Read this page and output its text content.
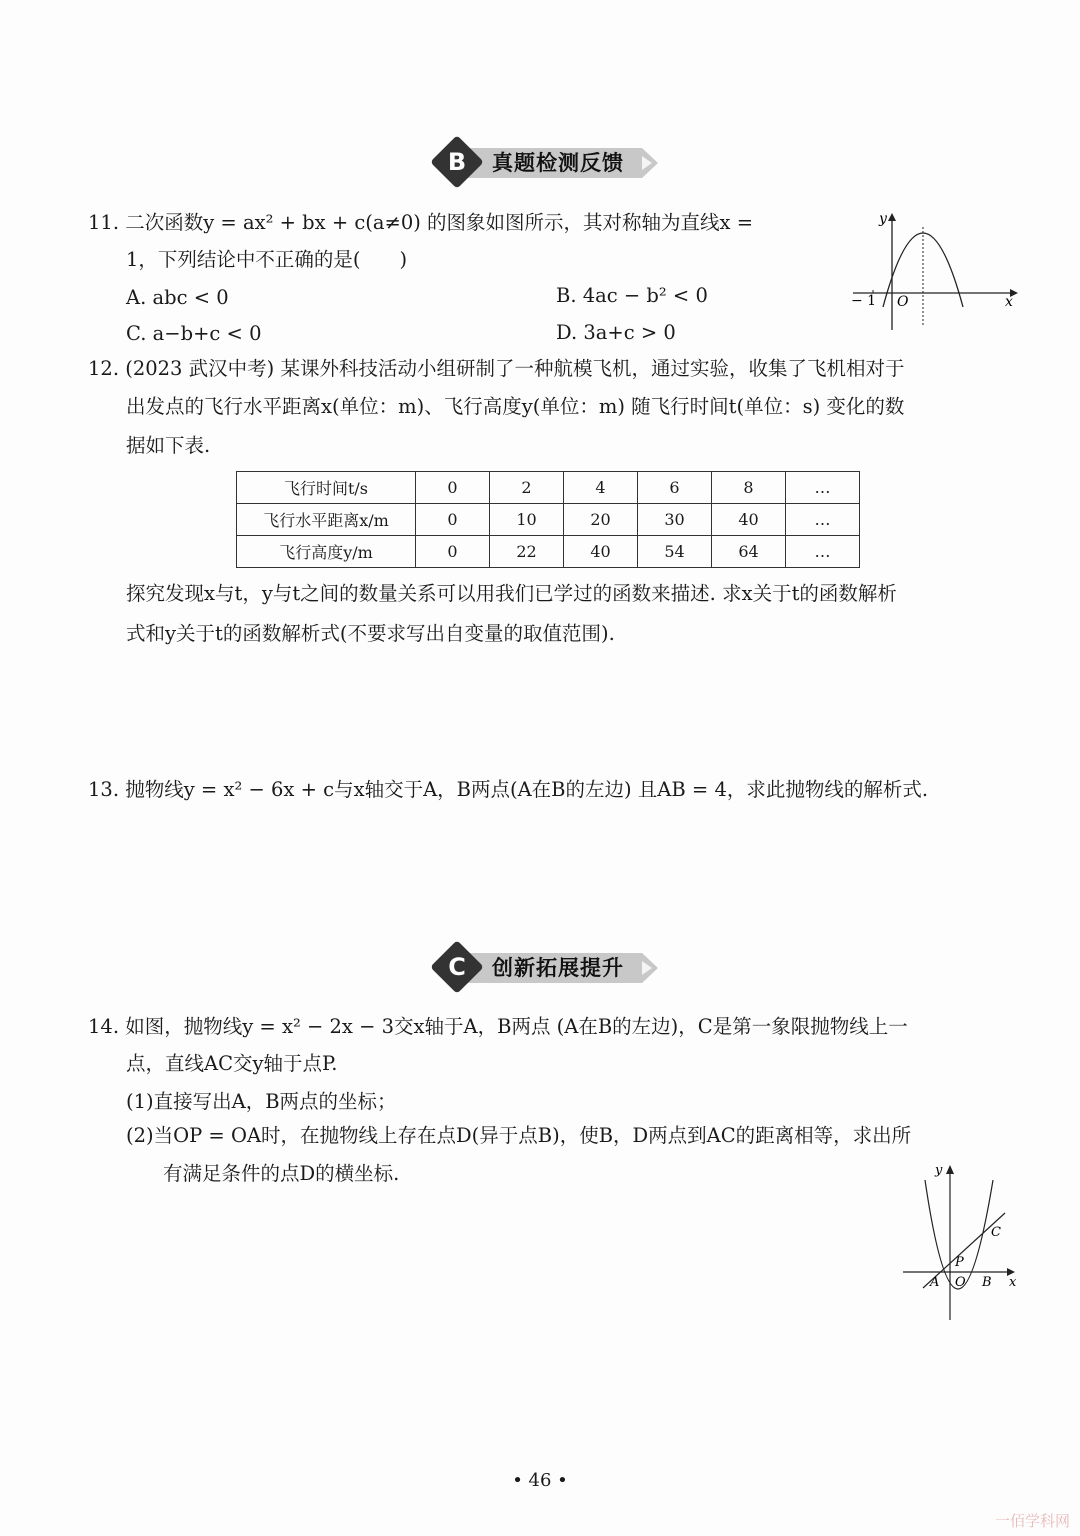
B	真题检测反馈
11. 二次函数y = ax² + bx + c(a≠0) 的图象如图所示，其对称轴为直线x =
1，下列结论中不正确的是(　　)
A. abc < 0	B. 4ac − b² < 0
C. a−b+c < 0	D. 3a+c > 0
− 1 O	x
y
12. (2023 武汉中考) 某课外科技活动小组研制了一种航模飞机，通过实验，收集了飞机相对于
出发点的飞行水平距离x(单位：m)、飞行高度y(单位：m) 随飞行时间t(单位：s) 变化的数
据如下表.
飞行时间t/s	0	2	4	6	8	…
飞行水平距离x/m	0	10	20	30	40	…
飞行高度y/m	0	22	40	54	64	…
探究发现x与t，y与t之间的数量关系可以用我们已学过的函数来描述. 求x关于t的函数解析
式和y关于t的函数解析式(不要求写出自变量的取值范围).
13. 抛物线y = x² − 6x + c与x轴交于A，B两点(A在B的左边) 且AB = 4，求此抛物线的解析式.
C	创新拓展提升
14. 如图，抛物线y = x² − 2x − 3交x轴于A，B两点 (A在B的左边)，C是第一象限抛物线上一
点，直线AC交y轴于点P.
(1)直接写出A，B两点的坐标；
(2)当OP = OA时，在抛物线上存在点D(异于点B)，使B，D两点到AC的距离相等，求出所
有满足条件的点D的横坐标.	y
x
A O B
P
C
• 46 •
一佰学科网
